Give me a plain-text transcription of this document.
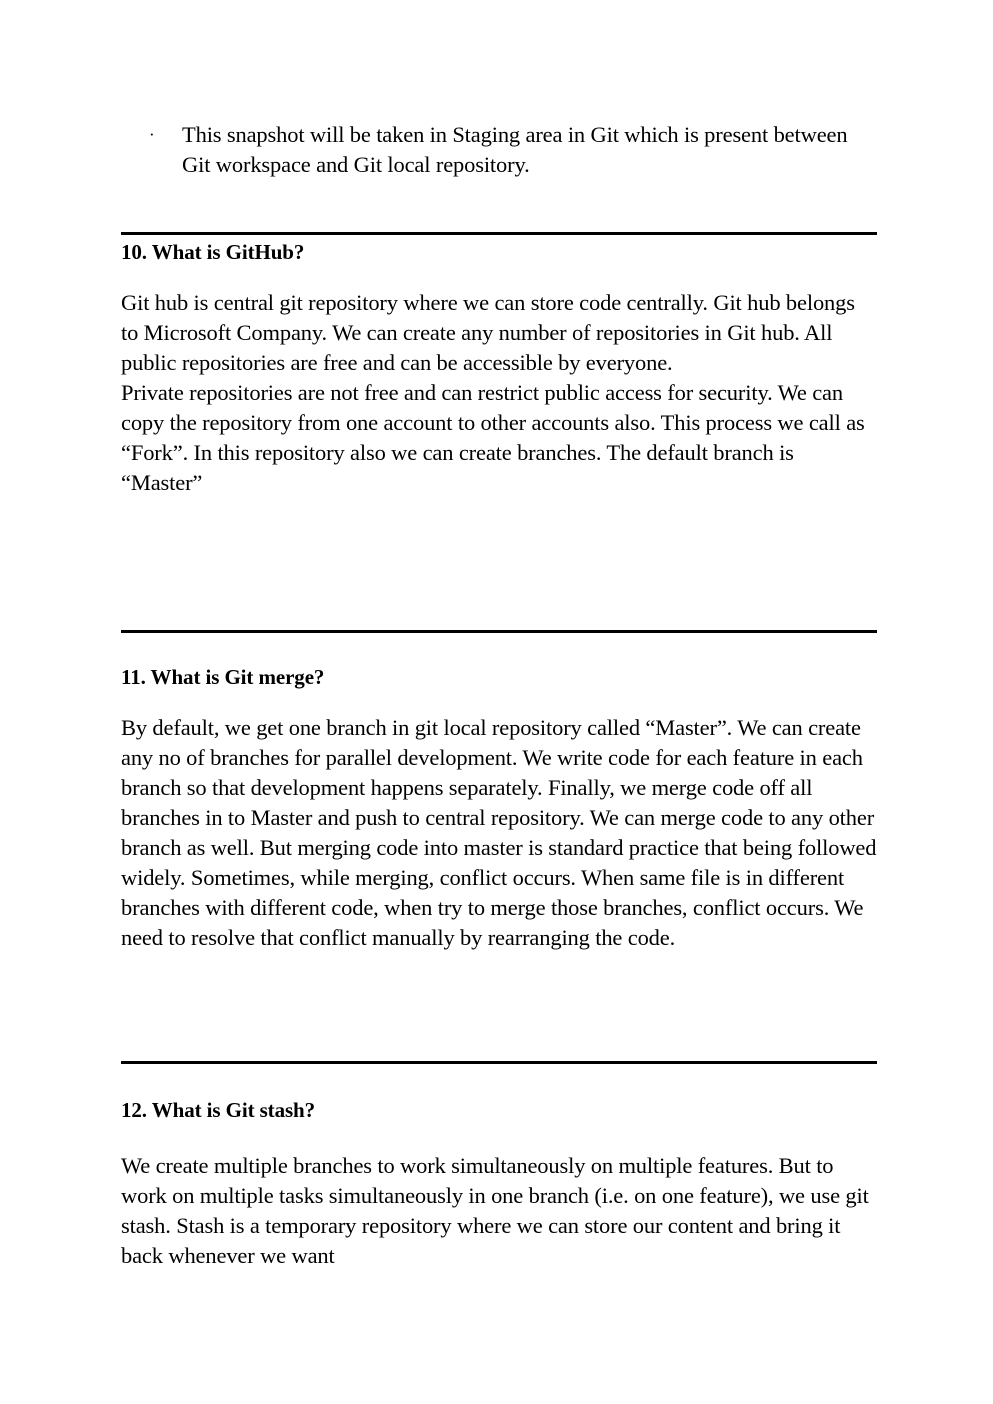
· This snapshot will be taken in Staging area in Git which is present between Git workspace and Git local repository.
10. What is GitHub?

Git hub is central git repository where we can store code centrally. Git hub belongs to Microsoft Company. We can create any number of repositories in Git hub. All public repositories are free and can be accessible by everyone.

Private repositories are not free and can restrict public access for security. We can copy the repository from one account to other accounts also. This process we call as “Fork”. In this repository also we can create branches. The default branch is “Master”

11. What is Git merge?

By default, we get one branch in git local repository called “Master”. We can create any no of branches for parallel development. We write code for each feature in each branch so that development happens separately. Finally, we merge code off all branches in to Master and push to central repository. We can merge code to any other branch as well. But merging code into master is standard practice that being followed widely. Sometimes, while merging, conflict occurs. When same file is in different branches with different code, when try to merge those branches, conflict occurs. We need to resolve that conflict manually by rearranging the code.

12. What is Git stash?

We create multiple branches to work simultaneously on multiple features. But to work on multiple tasks simultaneously in one branch (i.e. on one feature), we use git stash. Stash is a temporary repository where we can store our content and bring it back whenever we want
